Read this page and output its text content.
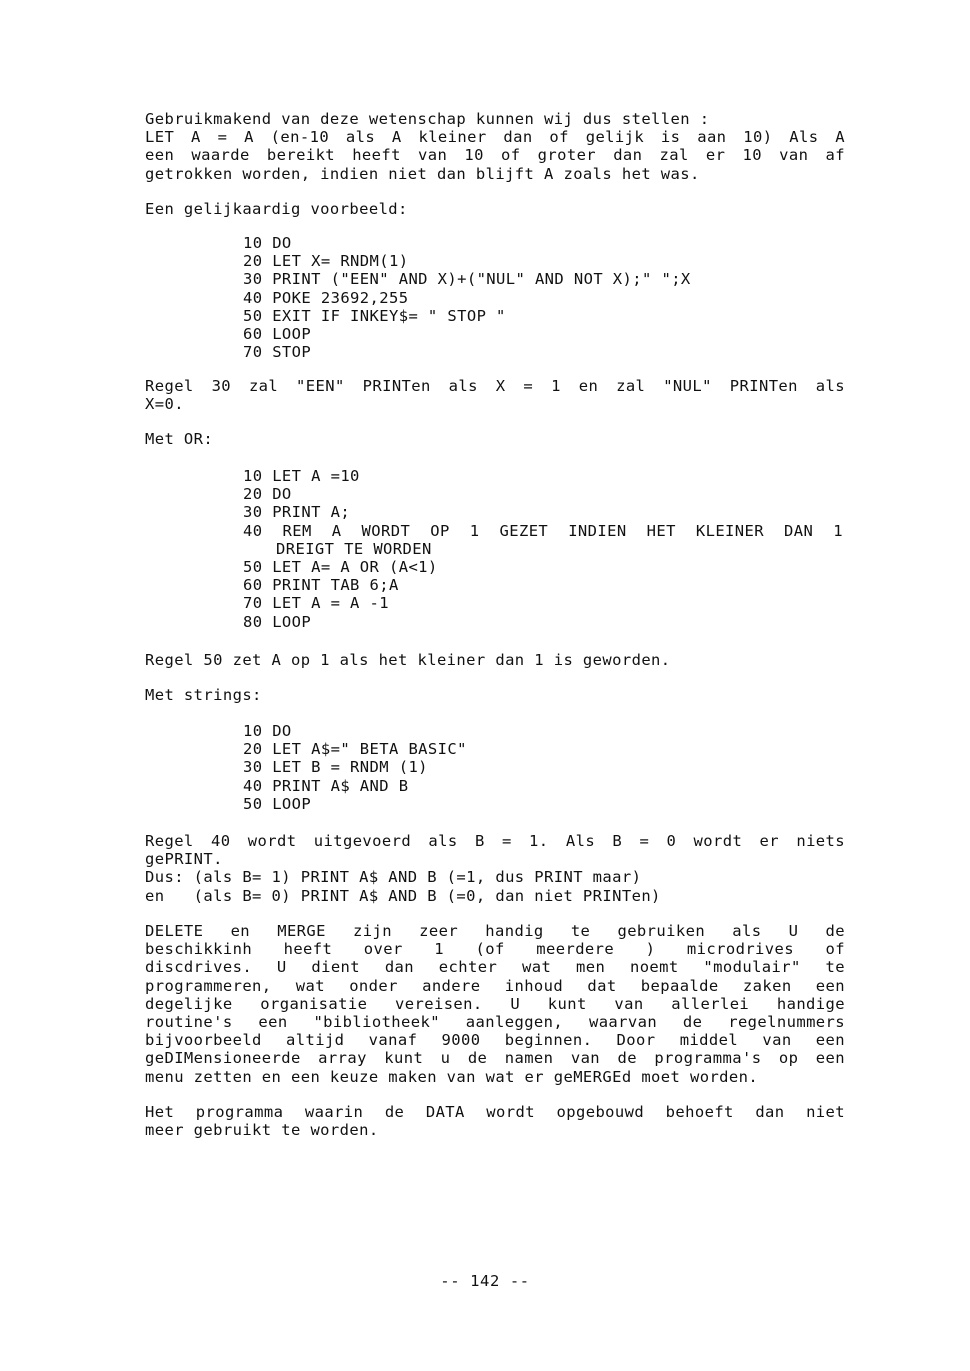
Gebruikmakend van deze wetenschap kunnen wij dus stellen :
LET A = A (en-10 als A kleiner dan of gelijk is aan 10) Als A
een waarde bereikt heeft van 10 of groter dan zal er 10 van af
getrokken worden, indien niet dan blijft A zoals het was.
Een gelijkaardig voorbeeld:
10 DO
20 LET X= RNDM(1)
30 PRINT ("EEN" AND X)+("NUL" AND NOT X);" ";X
40 POKE 23692,255
50 EXIT IF INKEY$= " STOP "
60 LOOP
70 STOP
Regel 30 zal "EEN" PRINTen als X = 1 en zal "NUL" PRINTen als
X=0.
Met OR:
10 LET A =10
20 DO
30 PRINT A;
40 REM A WORDT OP 1 GEZET INDIEN HET KLEINER DAN 1
DREIGT TE WORDEN
50 LET A= A OR (A<1)
60 PRINT TAB 6;A
70 LET A = A -1
80 LOOP
Regel 50 zet A op 1 als het kleiner dan 1 is geworden.
Met strings:
10 DO
20 LET A$=" BETA BASIC"
30 LET B = RNDM (1)
40 PRINT A$ AND B
50 LOOP
Regel 40 wordt uitgevoerd als B = 1. Als B = 0 wordt er niets
gePRINT.
Dus: (als B= 1) PRINT A$ AND B (=1, dus PRINT maar)
en   (als B= 0) PRINT A$ AND B (=0, dan niet PRINTen)
DELETE en MERGE zijn zeer handig te gebruiken als U de
beschikkinh heeft over 1 (of meerdere ) microdrives of
discdrives. U dient dan echter wat men noemt "modulair" te
programmeren, wat onder andere inhoud dat bepaalde zaken een
degelijke organisatie vereisen. U kunt van allerlei handige
routine's een "bibliotheek" aanleggen, waarvan de regelnummers
bijvoorbeeld altijd vanaf 9000 beginnen. Door middel van een
geDIMensioneerde array kunt u de namen van de programma's op een
menu zetten en een keuze maken van wat er geMERGEd moet worden.
Het programma waarin de DATA wordt opgebouwd behoeft dan niet
meer gebruikt te worden.
-- 142 --
